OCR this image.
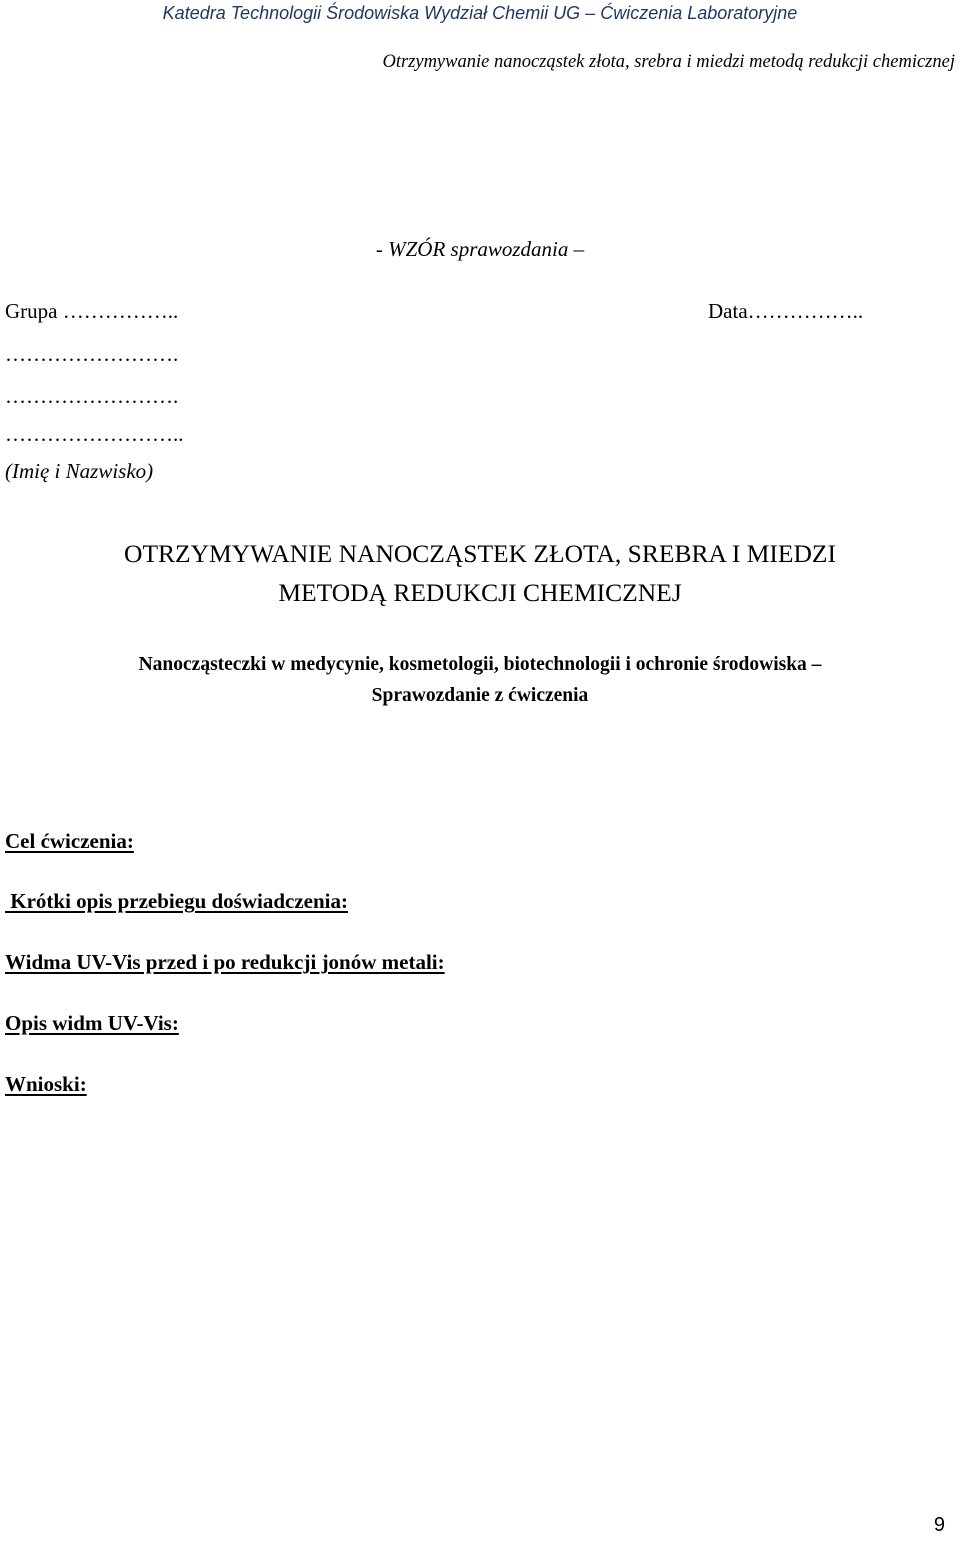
Katedra Technologii Środowiska Wydział Chemii UG – Ćwiczenia Laboratoryjne
Otrzymywanie nanocząstek złota, srebra i miedzi metodą redukcji chemicznej
- WZÓR sprawozdania –
Grupa ……………..	Data……………..
…………………….
…………………….
……………………..
(Imię i Nazwisko)
OTRZYMYWANIE NANOCZĄSTEK ZŁOTA, SREBRA I MIEDZI
METODĄ REDUKCJI CHEMICZNEJ
Nanocząsteczki w medycynie, kosmetologii, biotechnologii i ochronie środowiska –
Sprawozdanie z ćwiczenia
Cel ćwiczenia:
Krótki opis przebiegu doświadczenia:
Widma UV-Vis przed i po redukcji jonów metali:
Opis widm UV-Vis:
Wnioski:
9
